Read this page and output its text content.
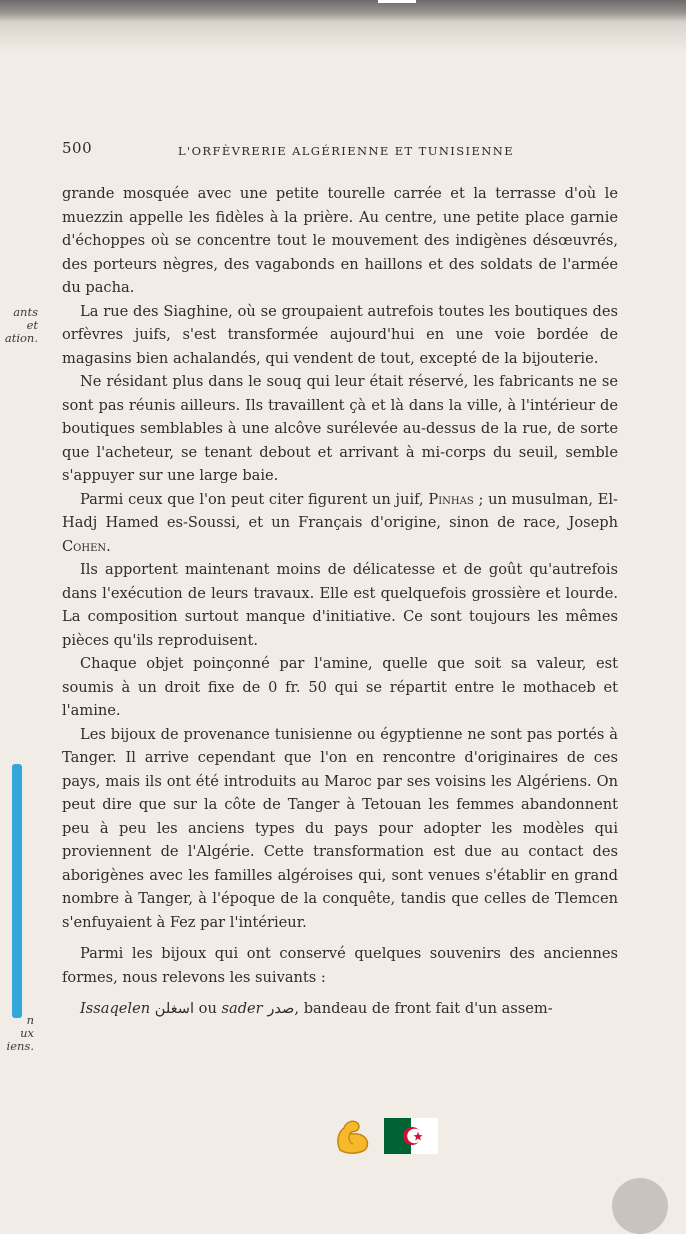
500	L'ORFÈVRERIE ALGÉRIENNE ET TUNISIENNE
ants et
ation.
n
ux
iens.

grande mosquée avec une petite tourelle carrée et la terrasse d'où le muezzin appelle les fidèles à la prière. Au centre, une petite place garnie d'échoppes où se concentre tout le mouvement des indigènes désœuvrés, des porteurs nègres, des vagabonds en haillons et des soldats de l'armée du pacha.

La rue des Siaghine, où se groupaient autrefois toutes les boutiques des orfèvres juifs, s'est transformée aujourd'hui en une voie bordée de magasins bien achalandés, qui vendent de tout, excepté de la bijouterie.

Ne résidant plus dans le souq qui leur était réservé, les fabricants ne se sont pas réunis ailleurs. Ils travaillent çà et là dans la ville, à l'intérieur de boutiques semblables à une alcôve surélevée au-dessus de la rue, de sorte que l'acheteur, se tenant debout et arrivant à mi-corps du seuil, semble s'appuyer sur une large baie.

Parmi ceux que l'on peut citer figurent un juif, Pinhas ; un musulman, El-Hadj Hamed es-Soussi, et un Français d'origine, sinon de race, Joseph Cohen.

Ils apportent maintenant moins de délicatesse et de goût qu'autrefois dans l'exécution de leurs travaux. Elle est quelquefois grossière et lourde. La composition surtout manque d'initiative. Ce sont toujours les mêmes pièces qu'ils reproduisent.

Chaque objet poinçonné par l'amine, quelle que soit sa valeur, est soumis à un droit fixe de 0 fr. 50 qui se répartit entre le mothaceb et l'amine.

Les bijoux de provenance tunisienne ou égyptienne ne sont pas portés à Tanger. Il arrive cependant que l'on en rencontre d'originaires de ces pays, mais ils ont été introduits au Maroc par ses voisins les Algériens. On peut dire que sur la côte de Tanger à Tetouan les femmes abandonnent peu à peu les anciens types du pays pour adopter les modèles qui proviennent de l'Algérie. Cette transformation est due au contact des aborigènes avec les familles algéroises qui, sont venues s'établir en grand nombre à Tanger, à l'époque de la conquête, tandis que celles de Tlemcen s'enfuyaient à Fez par l'intérieur.

Parmi les bijoux qui ont conservé quelques souvenirs des anciennes formes, nous relevons les suivants :

Issaqelen اسغلن ou sader صدر, bandeau de front fait d'un assem-
